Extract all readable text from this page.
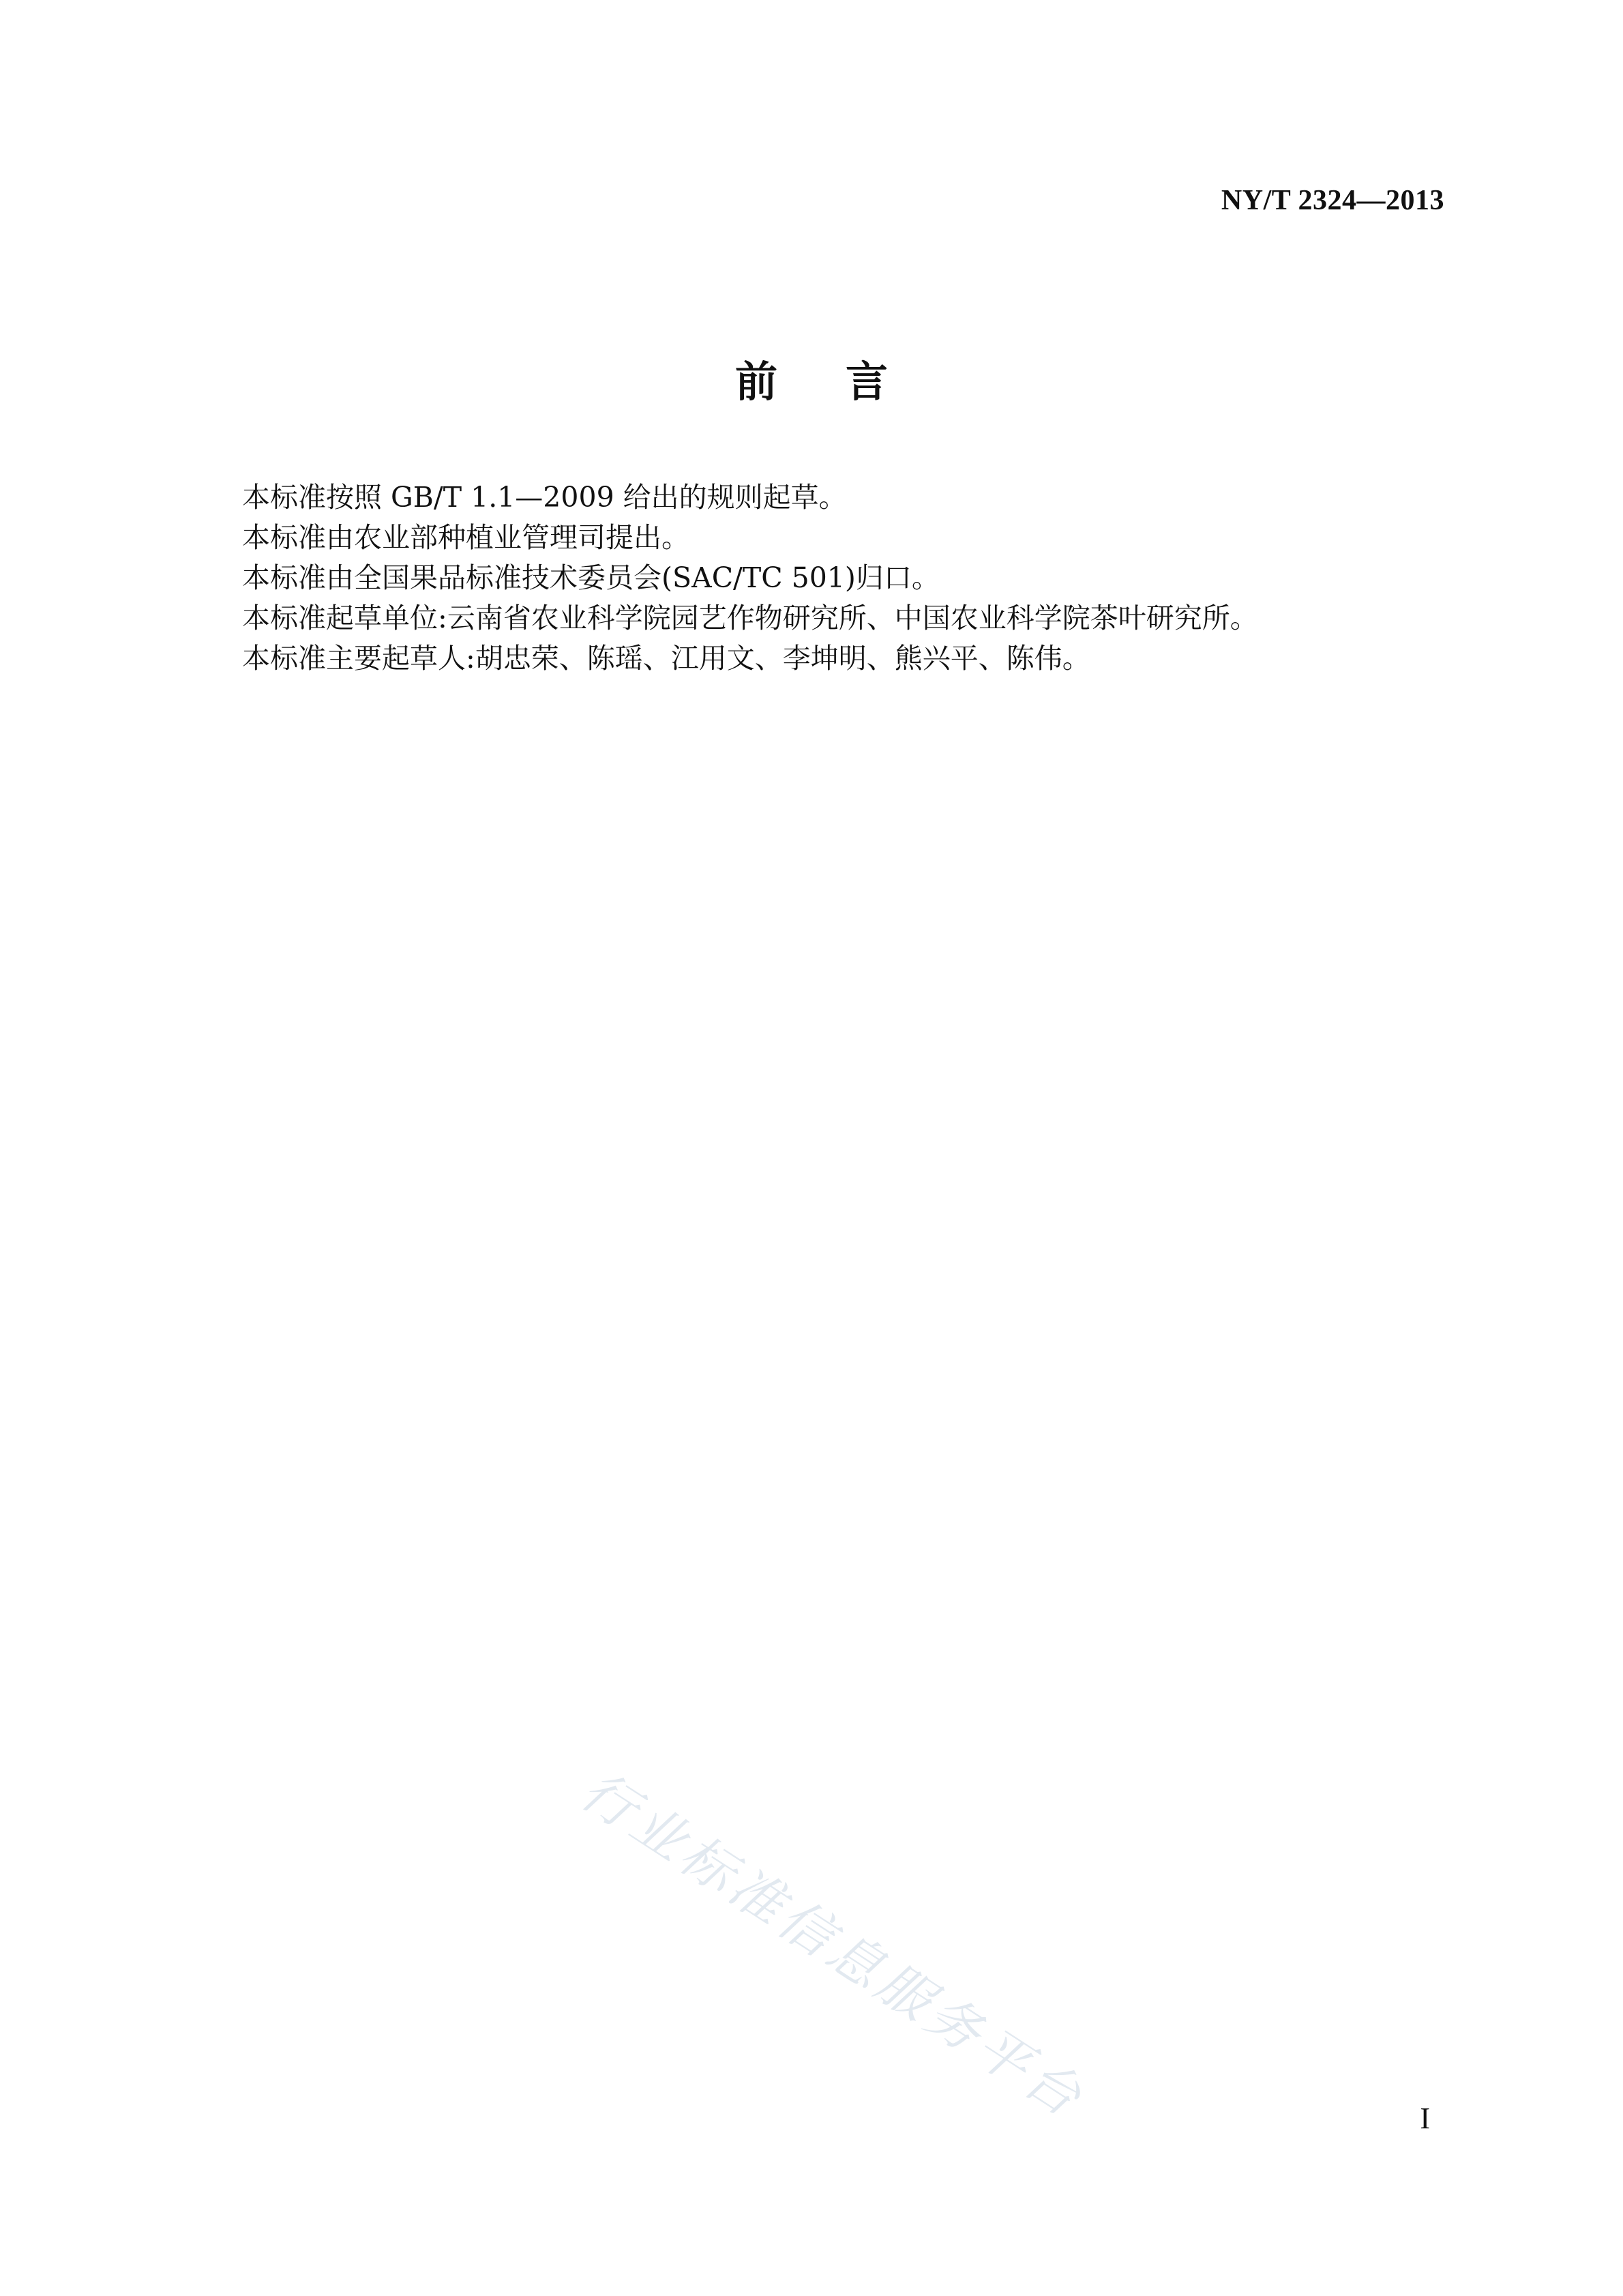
NY/T 2324—2013
前言
本标准按照 GB/T 1.1—2009 给出的规则起草。
本标准由农业部种植业管理司提出。
本标准由全国果品标准技术委员会(SAC/TC 501)归口。
本标准起草单位:云南省农业科学院园艺作物研究所、中国农业科学院茶叶研究所。
本标准主要起草人:胡忠荣、陈瑶、江用文、李坤明、熊兴平、陈伟。
行业标准信息服务平台	I
